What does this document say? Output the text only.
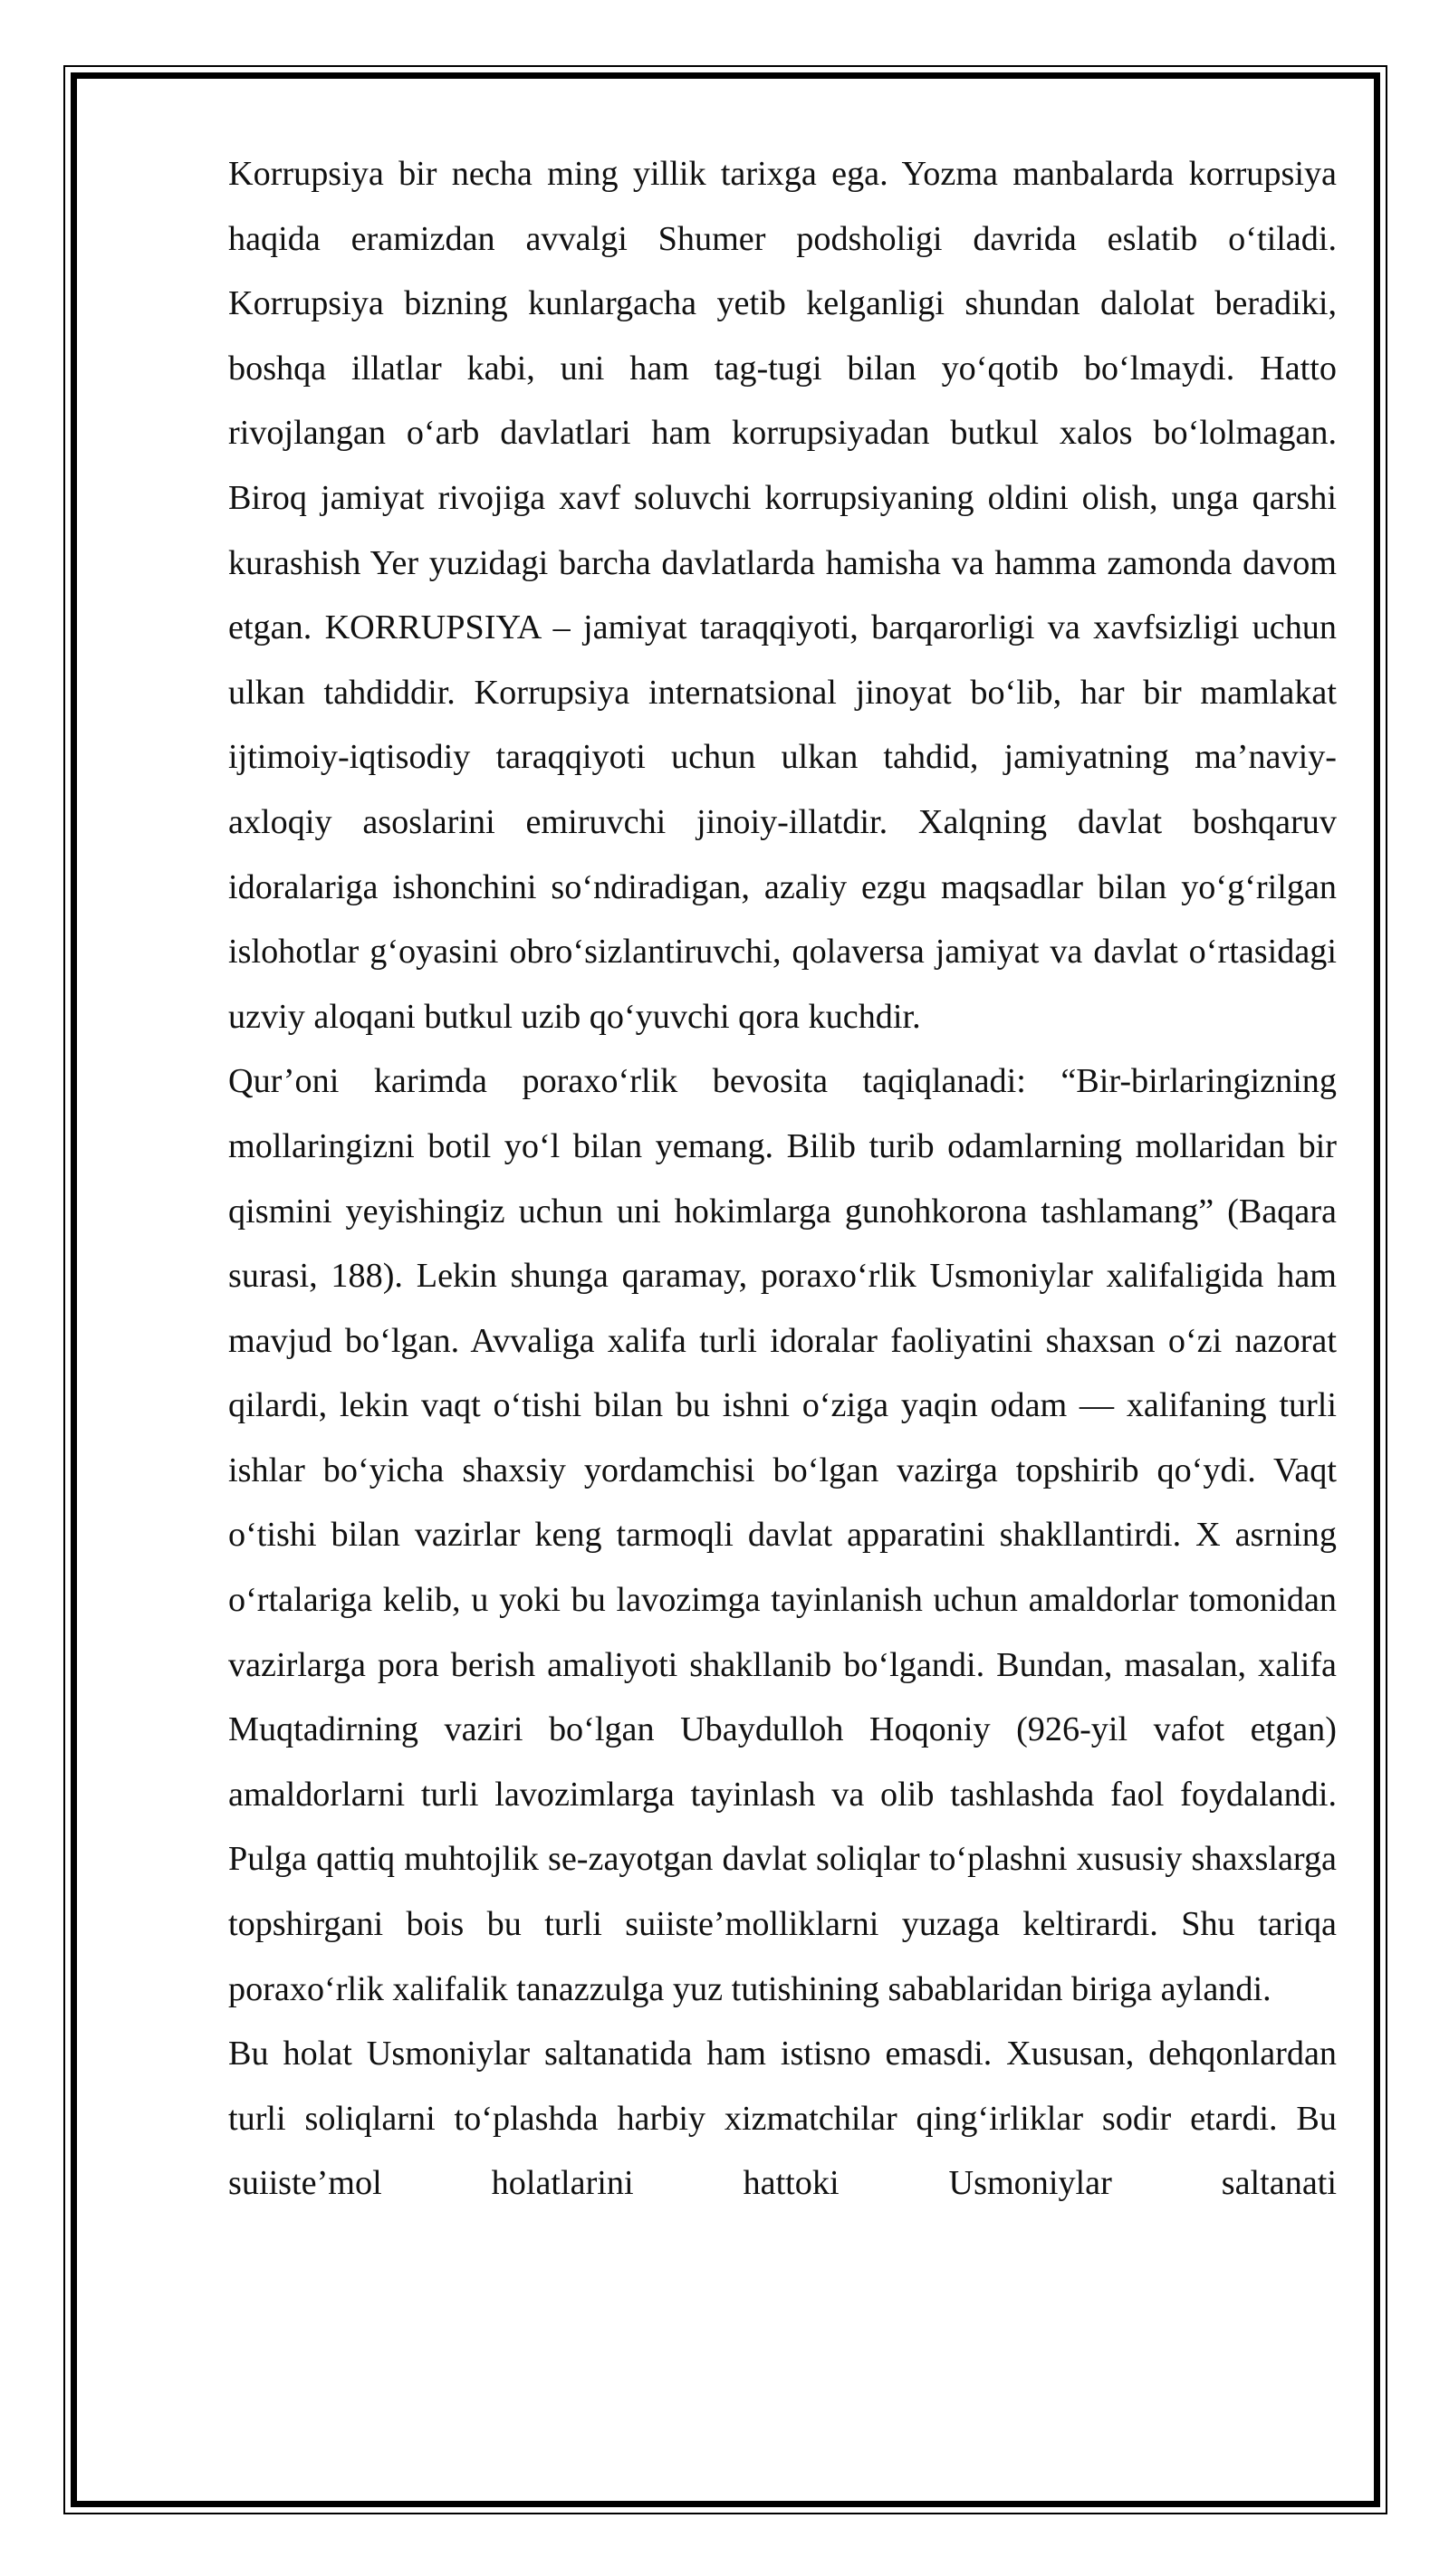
Korrupsiya bir necha ming yillik tarixga ega. Yozma manbalarda korrupsiya haqida eramizdan avvalgi Shumer podsholigi davrida eslatib o‘tiladi. Korrupsiya bizning kunlargacha yetib kelganligi shundan dalolat beradiki, boshqa illatlar kabi, uni ham tag-tugi bilan yo‘qotib bo‘lmaydi. Hatto rivojlangan o‘arb davlatlari ham korrupsiyadan butkul xalos bo‘lolmagan. Biroq jamiyat rivojiga xavf soluvchi korrupsiyaning oldini olish, unga qarshi kurashish Yer yuzidagi barcha davlatlarda hamisha va hamma zamonda davom etgan. KORRUPSIYA – jamiyat taraqqiyoti, barqarorligi va xavfsizligi uchun ulkan tahdiddir. Korrupsiya internatsional jinoyat bo‘lib, har bir mamlakat ijtimoiy-iqtisodiy taraqqiyoti uchun ulkan tahdid, jamiyatning ma’naviy-axloqiy asoslarini emiruvchi jinoiy-illatdir. Xalqning davlat boshqaruv idoralariga ishonchini so‘ndiradigan, azaliy ezgu maqsadlar bilan yo‘g‘rilgan islohotlar g‘oyasini obro‘sizlantiruvchi, qolaversa jamiyat va davlat o‘rtasidagi uzviy aloqani butkul uzib qo‘yuvchi qora kuchdir.

Qur’oni karimda poraxo‘rlik bevosita taqiqlanadi: “Bir-birlaringizning mollaringizni botil yo‘l bilan yemang. Bilib turib odamlarning mollaridan bir qismini yeyishingiz uchun uni hokimlarga gunohkorona tashlamang” (Baqara surasi, 188). Lekin shunga qaramay, poraxo‘rlik Usmoniylar xalifaligida ham mavjud bo‘lgan. Avvaliga xalifa turli idoralar faoliyatini shaxsan o‘zi nazorat qilardi, lekin vaqt o‘tishi bilan bu ishni o‘ziga yaqin odam — xalifaning turli ishlar bo‘yicha shaxsiy yordamchisi bo‘lgan vazirga topshirib qo‘ydi. Vaqt o‘tishi bilan vazirlar keng tarmoqli davlat apparatini shakllantirdi. X asrning o‘rtalariga kelib, u yoki bu lavozimga tayinlanish uchun amaldorlar tomonidan vazirlarga pora berish amaliyoti shakllanib bo‘lgandi. Bundan, masalan, xalifa Muqtadirning vaziri bo‘lgan Ubaydulloh Hoqoniy (926-yil vafot etgan) amaldorlarni turli lavozimlarga tayinlash va olib tashlashda faol foydalandi. Pulga qattiq muhtojlik se-zayotgan davlat soliqlar to‘plashni xususiy shaxslarga topshirgani bois bu turli suiiste’molliklarni yuzaga keltirardi. Shu tariqa poraxo‘rlik xalifalik tanazzulga yuz tutishining sabablaridan biriga aylandi.

Bu holat Usmoniylar saltanatida ham istisno emasdi. Xususan, dehqonlardan turli soliqlarni to‘plashda harbiy xizmatchilar qing‘irliklar sodir etardi. Bu suiiste’mol holatlarini hattoki Usmoniylar saltanati
